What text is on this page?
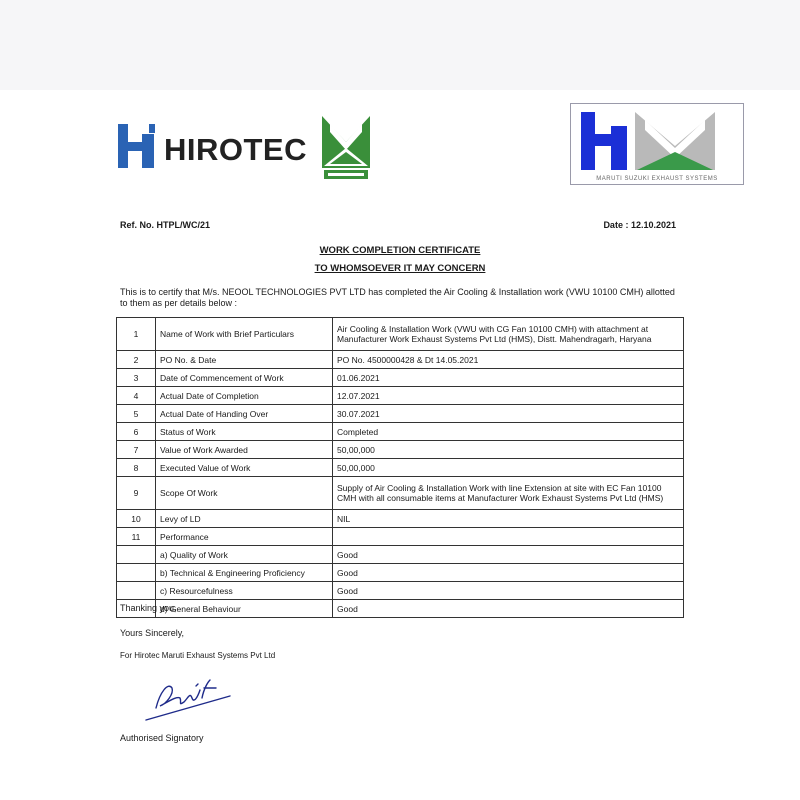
HIROTEC
MARUTI SUZUKI EXHAUST SYSTEMS
Ref. No. HTPL/WC/21	Date : 12.10.2021
WORK COMPLETION CERTIFICATE
TO WHOMSOEVER IT MAY CONCERN
This is to certify that M/s. NEOOL TECHNOLOGIES PVT LTD has completed the Air Cooling & Installation work (VWU 10100 CMH) allotted to them as per details below :
1	Name of Work with Brief Particulars	Air Cooling & Installation Work (VWU with CG Fan 10100 CMH) with attachment at Manufacturer Work Exhaust Systems Pvt Ltd (HMS), Distt. Mahendragarh, Haryana
2	PO No. & Date	PO No. 4500000428 & Dt 14.05.2021
3	Date of Commencement of Work	01.06.2021
4	Actual Date of Completion	12.07.2021
5	Actual Date of Handing Over	30.07.2021
6	Status of Work	Completed
7	Value of Work Awarded	50,00,000
8	Executed Value of Work	50,00,000
9	Scope Of Work	Supply of Air Cooling & Installation Work with line Extension at site with EC Fan 10100 CMH with all consumable items at Manufacturer Work Exhaust Systems Pvt Ltd (HMS)
10	Levy of LD	NIL
11	Performance	
	a) Quality of Work	Good
	b) Technical & Engineering Proficiency	Good
	c) Resourcefulness	Good
	d) General Behaviour	Good
Thanking you,
Yours Sincerely,
For Hirotec Maruti Exhaust Systems Pvt Ltd
Authorised Signatory
